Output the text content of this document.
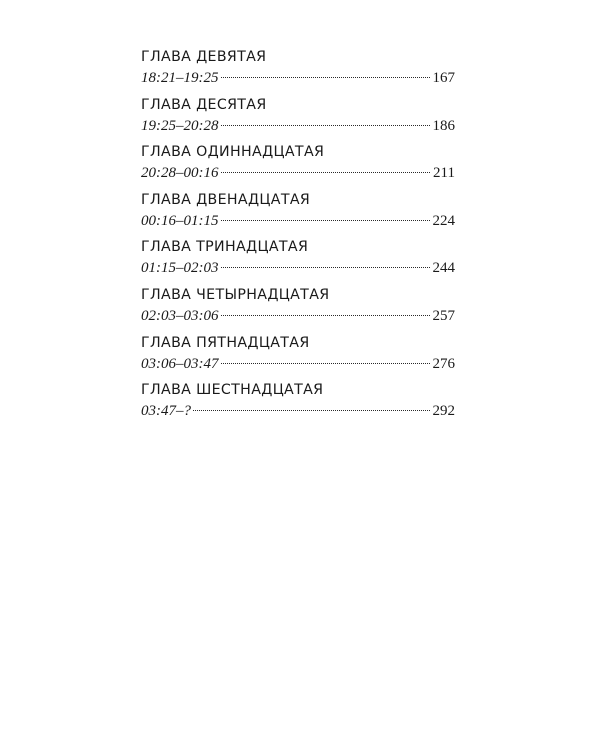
ГЛАВА ДЕВЯТАЯ
18:21–19:25	167
ГЛАВА ДЕСЯТАЯ
19:25–20:28	186
ГЛАВА ОДИННАДЦАТАЯ
20:28–00:16	211
ГЛАВА ДВЕНАДЦАТАЯ
00:16–01:15	224
ГЛАВА ТРИНАДЦАТАЯ
01:15–02:03	244
ГЛАВА ЧЕТЫРНАДЦАТАЯ
02:03–03:06	257
ГЛАВА ПЯТНАДЦАТАЯ
03:06–03:47	276
ГЛАВА ШЕСТНАДЦАТАЯ
03:47–?	292
